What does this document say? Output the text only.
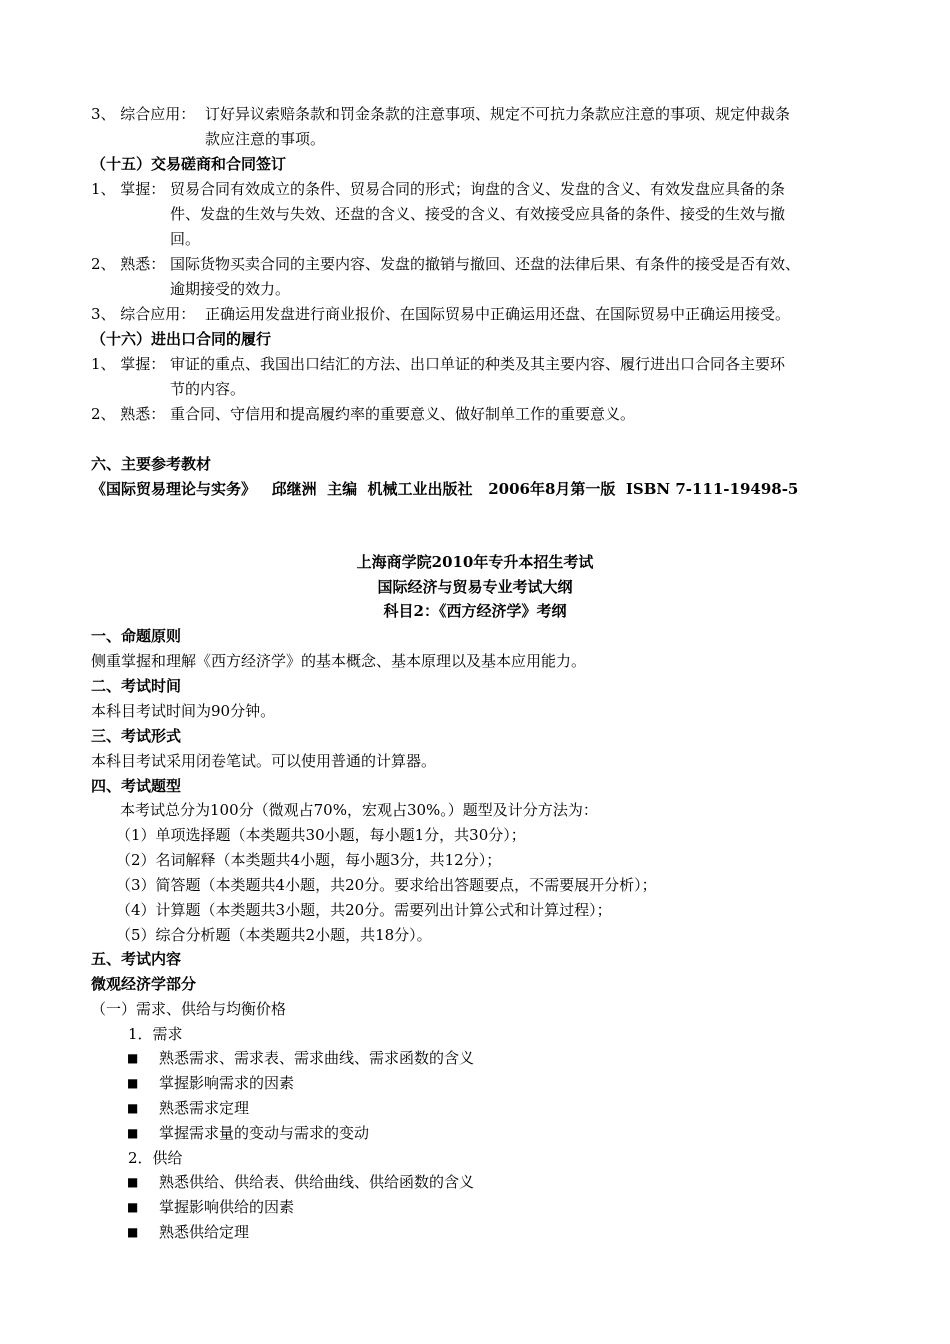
3、 综合应用： 订好异议索赔条款和罚金条款的注意事项、规定不可抗力条款应注意的事项、规定仲裁条
款应注意的事项。
（十五）交易磋商和合同签订
1、 掌握： 贸易合同有效成立的条件、贸易合同的形式；询盘的含义、发盘的含义、有效发盘应具备的条
件、发盘的生效与失效、还盘的含义、接受的含义、有效接受应具备的条件、接受的生效与撤
回。
2、 熟悉： 国际货物买卖合同的主要内容、发盘的撤销与撤回、还盘的法律后果、有条件的接受是否有效、
逾期接受的效力。
3、 综合应用： 正确运用发盘进行商业报价、在国际贸易中正确运用还盘、在国际贸易中正确运用接受。
（十六）进出口合同的履行
1、 掌握： 审证的重点、我国出口结汇的方法、出口单证的种类及其主要内容、履行进出口合同各主要环
节的内容。
2、 熟悉： 重合同、守信用和提高履约率的重要意义、做好制单工作的重要意义。
六、主要参考教材
《国际贸易理论与实务》   邱继洲  主编  机械工业出版社   2006年8月第一版  ISBN 7-111-19498-5
上海商学院2010年专升本招生考试
国际经济与贸易专业考试大纲
科目2：《西方经济学》考纲
一、命题原则
侧重掌握和理解《西方经济学》的基本概念、基本原理以及基本应用能力。
二、考试时间
本科目考试时间为90分钟。
三、考试形式
本科目考试采用闭卷笔试。可以使用普通的计算器。
四、考试题型
本考试总分为100分（微观占70%，宏观占30%。）题型及计分方法为：
（1）单项选择题（本类题共30小题，每小题1分，共30分）；
（2）名词解释（本类题共4小题，每小题3分，共12分）；
（3）简答题（本类题共4小题，共20分。要求给出答题要点，不需要展开分析）；
（4）计算题（本类题共3小题，共20分。需要列出计算公式和计算过程）；
（5）综合分析题（本类题共2小题，共18分）。
五、考试内容
微观经济学部分
（一）需求、供给与均衡价格
1．需求
■ 熟悉需求、需求表、需求曲线、需求函数的含义
■ 掌握影响需求的因素
■ 熟悉需求定理
■ 掌握需求量的变动与需求的变动
2．供给
■ 熟悉供给、供给表、供给曲线、供给函数的含义
■ 掌握影响供给的因素
■ 熟悉供给定理
